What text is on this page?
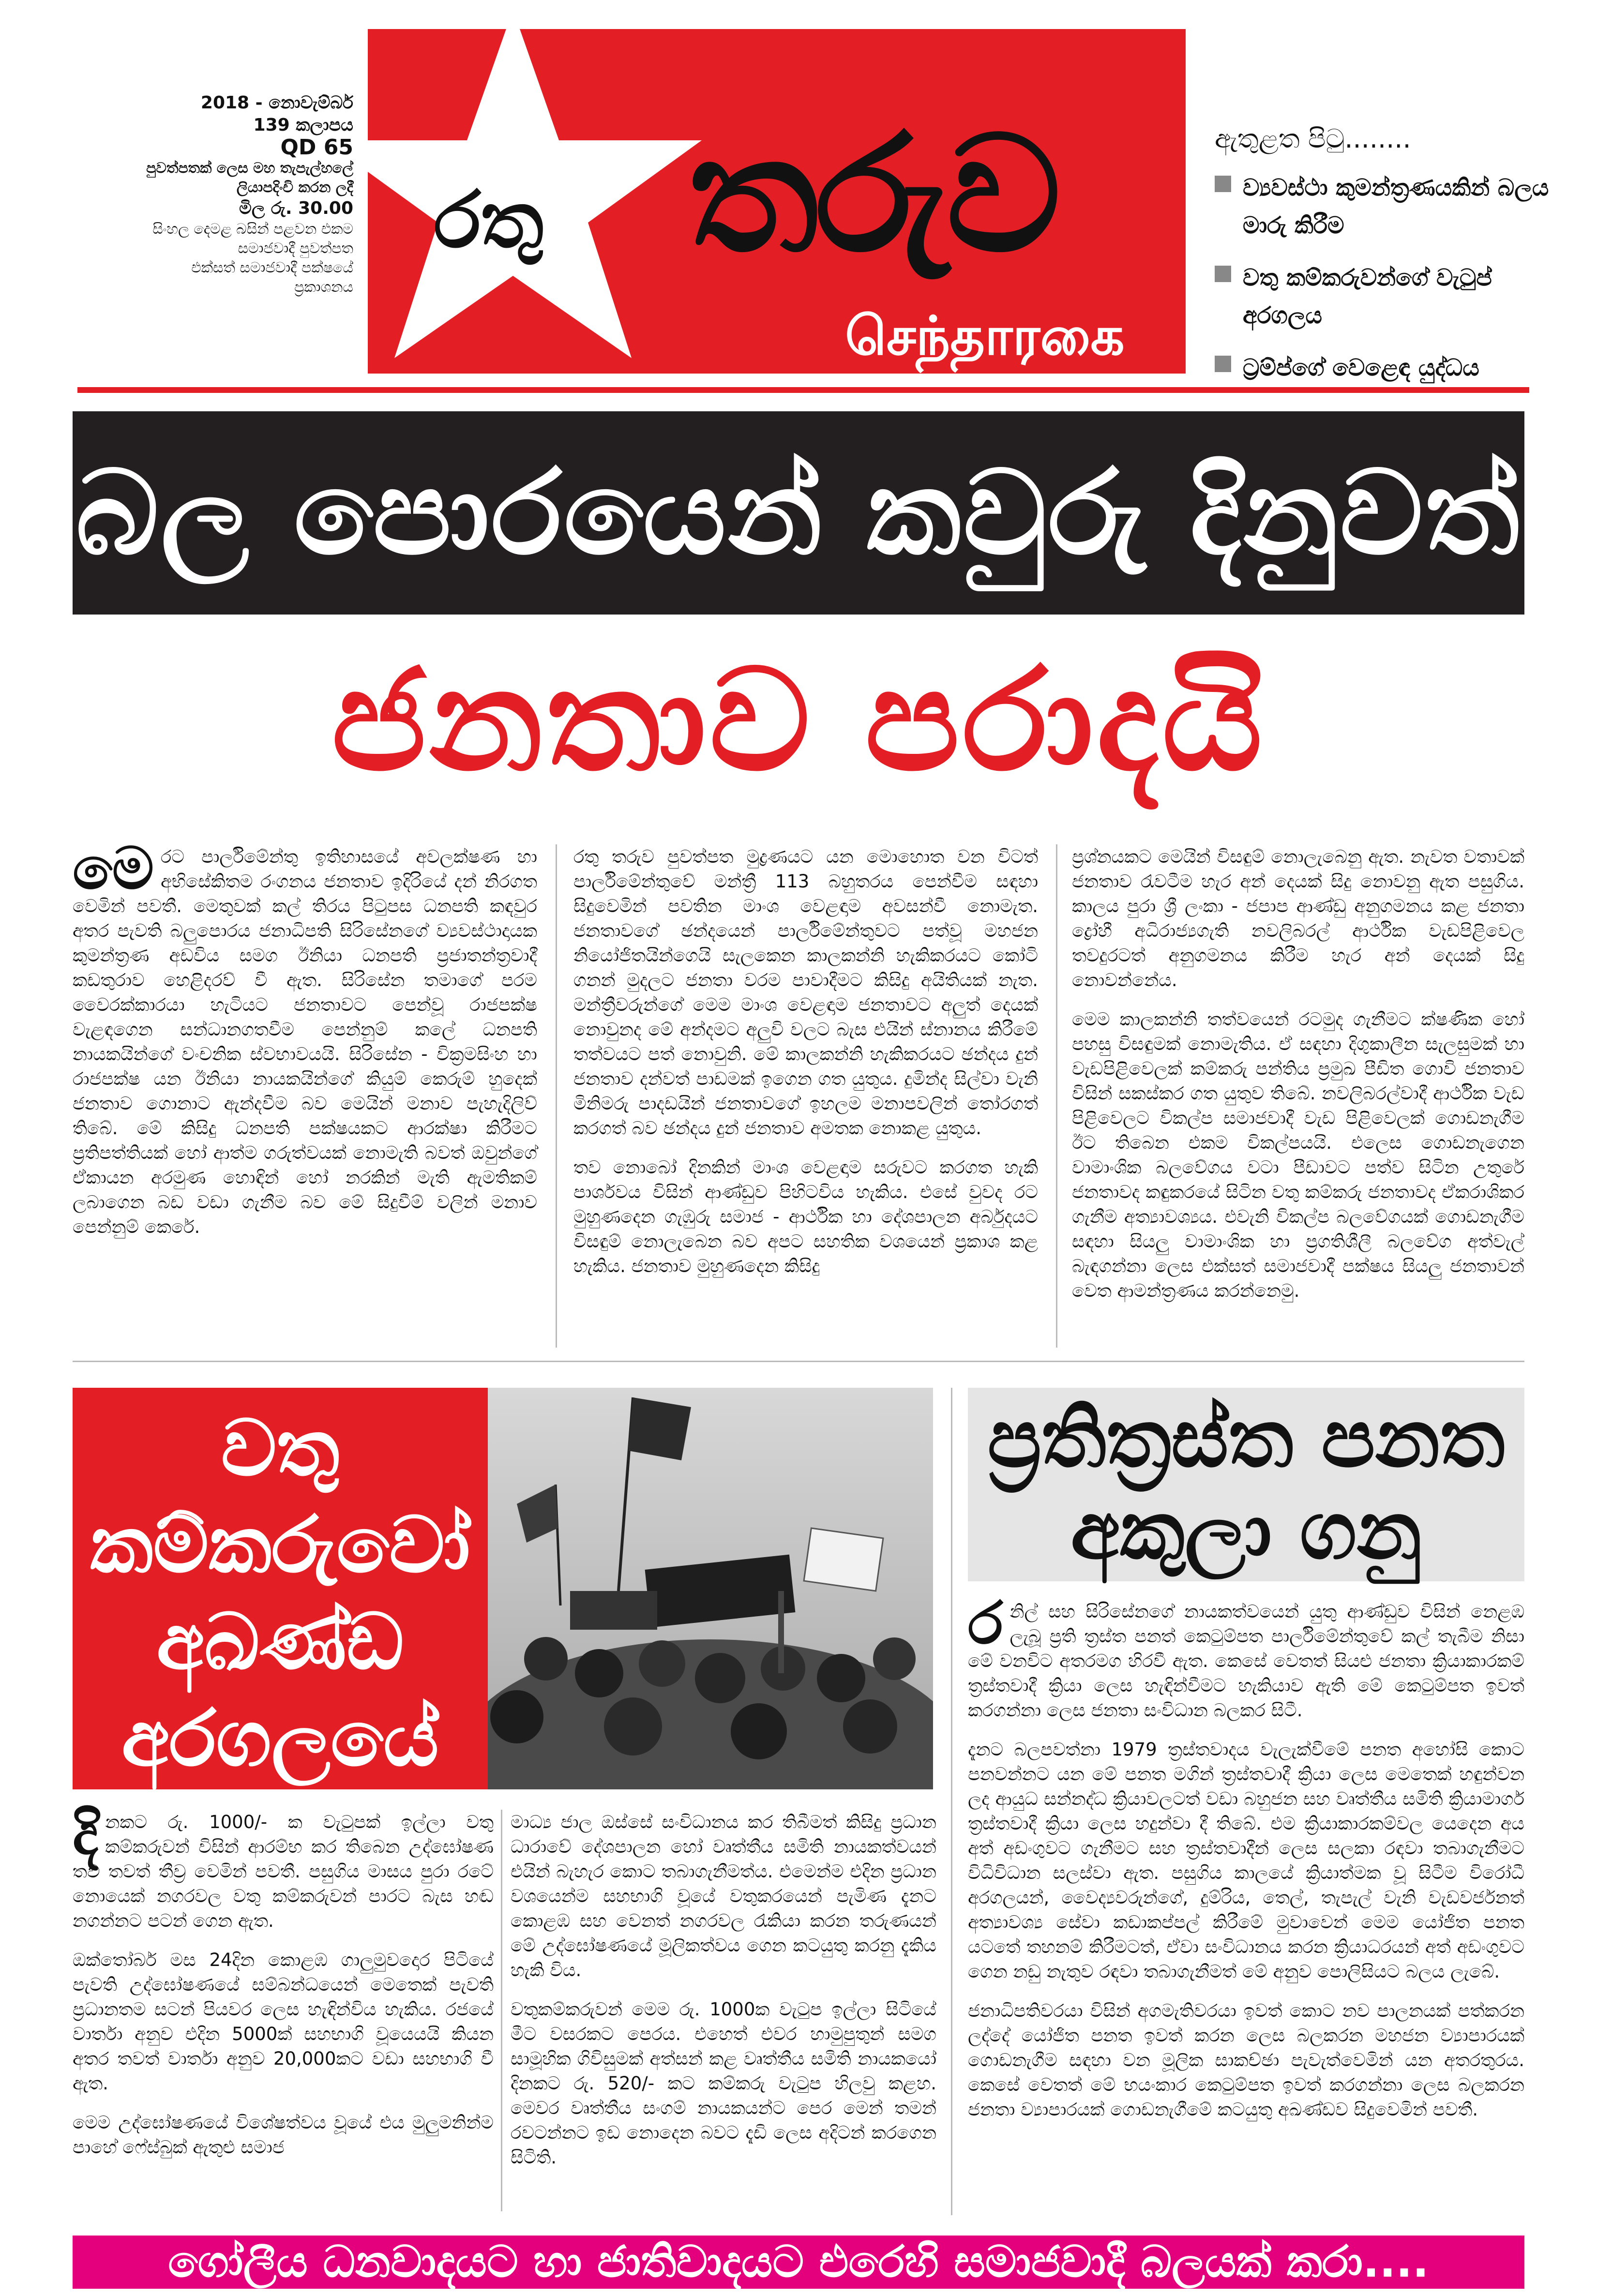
2018 - නොවැම්බර්
139 කලාපය
QD 65
පුවත්පතක් ලෙස මහ තැපැල්හලේ
ලියාපදිංචි කරන ලදී
මිල රු. 30.00
සිංහල දෙමළ බසින් පළවන එකම
සමාජවාදී පුවත්පත
එක්සත් සමාජවාදී පක්ෂයේ
ප්‍රකාශනය
රතු තරුව
செந்தாரகை
ඇතුළත පිටු........
ව්‍යවස්ථා කුමන්ත්‍රණයකින් බලය මාරු කිරීම
වතු කම්කරුවන්ගේ වැටුප් අරගලය
ට්‍රම්ප්ගේ වෙළෙඳ යුද්ධය
බල පොරයෙන් කවුරු දිනුවත්
ජනතාව පරාදයි

මෙරට පාර්ලිමේන්තු ඉතිහාසයේ අවලක්ෂණ හා අභිසේකිතම රංගනය ජනතාව ඉදිරියේ දන් නිරගත වෙමින් පවතී. මෙතුවක් කල් තිරය පිටුපස ධනපති කඳවුර අතර පැවති බලුපොරය ජනාධිපති සිරිසේනගේ ව්‍යවස්ථාදායක කුමන්ත්‍රණ අඩවිය සමග ඊනියා ධනපති ප්‍රජාතන්ත්‍රවාදී කඩතුරාව හෙළිදරව් වී ඇත. සිරිසේන තමාගේ පරම වෛරක්කාරයා හැටියට ජනතාවට පෙන්වූ රාජපක්ෂ වැළඳගෙන සන්ධානගතවීම පෙන්නුම් කලේ ධනපති නායකයින්ගේ වංචනික ස්වභාවයයි. සිරිසේන - වික්‍රමසිංහ හා රාජපක්ෂ යන ඊනියා නායකයින්ගේ කියුම් කෙරුම් හුදෙක් ජනතාව ගොනාට ඇන්දවීම බව මෙයින් මනාව පැහැදිලිව් තිබේ. මේ කිසිදු ධනපති පක්ෂයකට ආරක්ෂා කිරීමට ප්‍රතිපත්තියක් හෝ ආත්ම ගරුත්වයක් නොමැති බවත් ඔවුන්ගේ ඒකායන අරමුණ හොඳින් හෝ නරකින් මැති ඇමතිකම් ලබාගෙන බඩ වඩා ගැනීම බව මේ සිදුවීම් වලින් මනාව පෙන්නුම් කෙරේ.

රතු තරුව පුවත්පත මුද්‍රණයට යන මොහොත වන විටත් පාර්ලිමේන්තුවේ මන්ත්‍රී 113 බහුතරය පෙන්වීම සඳහා සිදුවෙමින් පවතින මාංශ වෙළඳාම අවසන්වී නොමැත. ජනතාවගේ ඡන්දයෙන් පාර්ලිමේන්තුවට පත්වූ මහජන නියෝජිතයින්ගෙයි සැලකෙන කාලකන්නි හැකිකරයට කෝටි ගනන් මුදලට ජනතා වරම පාවාදීමට කිසිදු අයිතියක් නැත. මන්ත්‍රීවරුන්ගේ මෙම මාංශ වෙළඳාම ජනතාවට අලුත් දෙයක් නොවුනද මේ අන්දමට අලුවි වලට බැස එයින් ස්නානය කිරීමේ තත්වයට පත් නොවුනි. මේ කාලකන්නි හැකිකරයට ඡන්දය දුන් ජනතාව දන්වත් පාඩමක් ඉගෙන ගත යුතුය. දුමින්ද සිල්වා වැනි මිනිමරු පාදඩයින් ජනතාවගේ ඉහලම මනාපවලින් තෝරගත් කරගත් බව ඡන්දය දුන් ජනතාව අමතක නොකළ යුතුය.

තව නොබෝ දිනකින් මාංශ වෙළඳාම සරුවට කරගත හැකි පාර්ශවය විසින් ආණ්ඩුව පිහිටවිය හැකිය. එසේ වුවද රට මුහුණදෙන ගැඹුරු සමාජ - ආර්ථික හා දේශපාලන අර්බුදයට විසඳුම් නොලැබෙන බව අපට සහතික වශයෙන් ප්‍රකාශ කළ හැකිය. ජනතාව මුහුණදෙන කිසිදු

ප්‍රශ්නයකට මෙයින් විසඳුම් නොලැබෙනු ඇත. නැවත වතාවක් ජනතාව රැවටීම හැර අන් දෙයක් සිදු නොවනු ඇත පසුගිය. කාලය පුරා ශ්‍රී ලංකා - ජපාප ආණ්ඩු අනුගමනය කළ ජනතා ද්‍රෝහී අධිරාජ්‍යගැති නවලිබරල් ආර්ථික වැඩපිළිවෙල තවදුරටත් අනුගමනය කිරීම හැර අන් දෙයක් සිදු නොවන්නේය.

මෙම කාලකන්නි තත්වයෙන් රටමුද ගැනීමට ක්ෂණික හෝ පහසු විසඳුමක් නොමැතිය. ඒ සඳහා දිගුකාලීන සැලසුමක් හා වැඩපිළිවෙලක් කම්කරු පන්තිය ප්‍රමුඛ පීඩිත ගොවි ජනතාව විසින් සකස්කර ගත යුතුව තිබේ. නවලිබරල්වාදී ආර්ථික වැඩ පිළිවෙලට විකල්ප සමාජවාදී වැඩ පිළිවෙලක් ගොඩනැගීම ඊට තිබෙන එකම විකල්පයයි. එලෙස ගොඩනැගෙන වාමාංශික බලවේගය වටා පීඩාවට පත්ව සිටින උතුරේ ජනතාවද කඳුකරයේ සිටින වතු කම්කරු ජනතාවද ඒකරාශිකර ගැනීම අත්‍යාවශ්‍යය. එවැනි විකල්ප බලවේගයක් ගොඩනැගීම සඳහා සියලු වාමාංශික හා ප්‍රගතිශීලී බලවේග අත්වැල් බැඳගන්නා ලෙස එක්සත් සමාජවාදී පක්ෂය සියලු ජනතාවන් වෙත ආමන්ත්‍රණය කරන්නෙමු.

වතු
කම්කරුවෝ
අඛණ්ඩ
අරගලයේ

දිනකට රු. 1000/- ක වැටුපක් ඉල්ලා වතු කම්කරුවන් විසින් ආරම්භ කර තිබෙන උද්ඝෝෂණ තව තවත් තීව්‍ර වෙමින් පවතී. පසුගිය මාසය පුරා රටේ නොයෙක් නගරවල වතු කම්කරුවන් පාරට බැස හඬ නගන්නට පටන් ගෙන ඇත.

ඔක්තෝබර් මස 24දින කොළඹ ගාලුමුවදොර පිටියේ පැවති උද්ඝෝෂණයේ සම්බන්ධයෙන් මෙතෙක් පැවති ප්‍රධානතම සටන් පියවර ලෙස හැඳින්විය හැකිය. රජයේ වාර්තා අනුව එදින 5000ක් සහභාගි වූයෙයයි කියන අතර තවත් වාර්තා අනුව 20,000කට වඩා සහභාගි වී ඇත.

මෙම උද්ඝෝෂණයේ විශේෂත්වය වූයේ එය මුලුමනින්ම පාහේ ෆේස්බුක් ඇතුළු සමාජ

මාධ්‍ය ජාල ඔස්සේ සංවිධානය කර තිබීමත් කිසිදු ප්‍රධාන ධාරාවේ දේශපාලන හෝ වෘත්තීය සමිති නායකත්වයන් එයින් බැහැර කොට තබාගැනීමත්ය. එමෙන්ම එදින ප්‍රධාන වශයෙන්ම සහභාගි වූයේ වතුකරයෙන් පැමිණ දැනට කොළඹ සහ වෙනත් නගරවල රැකියා කරන තරුණයන් මේ උද්ඝෝෂණයේ මූලිකත්වය ගෙන කටයුතු කරනු දැකිය හැකි විය.

වතුකම්කරුවන් මෙම රු. 1000ක වැටුප ඉල්ලා සිටියේ මීට වසරකට පෙරය. එහෙත් එවර හාමුපුතුන් සමග සාමූහික ගිවිසුමක් අත්සන් කළ වෘත්තීය සමිති නායකයෝ දිනකට රු. 520/- කට කම්කරු වැටුප හිලවු කළහ. මෙවර වෘත්තීය සංගම් නායකයන්ට පෙර මෙන් තමන් රවටන්නට ඉඩ නොදෙන බවට දැඩි ලෙස අදිටන් කරගෙන සිටිති.

ප්‍රතිත්‍රස්ත පනත
අකුලා ගනු

රනිල් සහ සිරිසේනගේ නායකත්වයෙන් යුතු ආණ්ඩුව විසින් නෙළඹ ලැබූ ප්‍රති ත්‍රස්ත පනත් කෙටුම්පත පාර්ලිමේන්තුවේ කල් තැබීම නිසා මේ වනවිට අතරමග හිරවී ඇත. කෙසේ වෙතත් සියළු ජනතා ක්‍රියාකාරකම් ත්‍රස්තවාදී ක්‍රියා ලෙස හැඳින්වීමට හැකියාව ඇති මේ කෙටුම්පත ඉවත් කරගන්නා ලෙස ජනතා සංවිධාන බලකර සිටී.

දැනට බලපවත්නා 1979 ත්‍රස්තවාදය වැලැක්වීමේ පනත අහෝසි කොට පනවන්නට යන මේ පනත මගින් ත්‍රස්තවාදී ක්‍රියා ලෙස මෙතෙක් හඳුන්වන ලද ආයුධ සන්නද්ධ ක්‍රියාවලටත් වඩා බහුජන සහ වෘත්තීය සමිති ක්‍රියාමාර්ග ත්‍රස්තවාදී ක්‍රියා ලෙස හදුන්වා දී තිබේ. එම ක්‍රියාකාරකම්වල යෙදෙන අය අත් අඩංගුවට ගැනීමට සහ ත්‍රස්තවාදීන් ලෙස සලකා රඳවා තබාගැනීමට විධිවිධාන සලස්වා ඇත. පසුගිය කාලයේ ක්‍රියාත්මක වූ සිටීම විරෝධී අරගලයන්, වෛද්‍යවරුන්ගේ, දුම්රිය, තෙල්, තැපැල් වැනි වැඩවර්ජනත් අත්‍යාවශ්‍ය සේවා කඩාකප්පල් කිරීමේ මුවාවෙන් මෙම යෝජිත පනත යටතේ තහනම් කිරීමටත්, ඒවා සංවිධානය කරන ක්‍රියාධරයන් අත් අඩංගුවට ගෙන නඩු නැතුව රඳවා තබාගැනීමත් මේ අනුව පොලිසියට බලය ලැබේ.

ජනාධිපතිවරයා විසින් අගමැතිවරයා ඉවත් කොට නව පාලනයක් පත්කරන ලද්දේ යෝජිත පනත ඉවත් කරන ලෙස බලකරන මහජන ව්‍යාපාරයක් ගොඩනැගීම සඳහා වන මූලික සාකච්ඡා පැවැත්වෙමින් යන අතරතුරය. කෙසේ වෙතත් මේ භයංකාර කෙටුම්පත ඉවත් කරගන්නා ලෙස බලකරන ජනතා ව්‍යාපාරයක් ගොඩනැගීමේ කටයුතු අඛණ්ඩව සිදුවෙමින් පවතී.

ගෝලීය ධනවාදයට හා ජාතිවාදයට එරෙහි සමාජවාදී බලයක් කරා....
